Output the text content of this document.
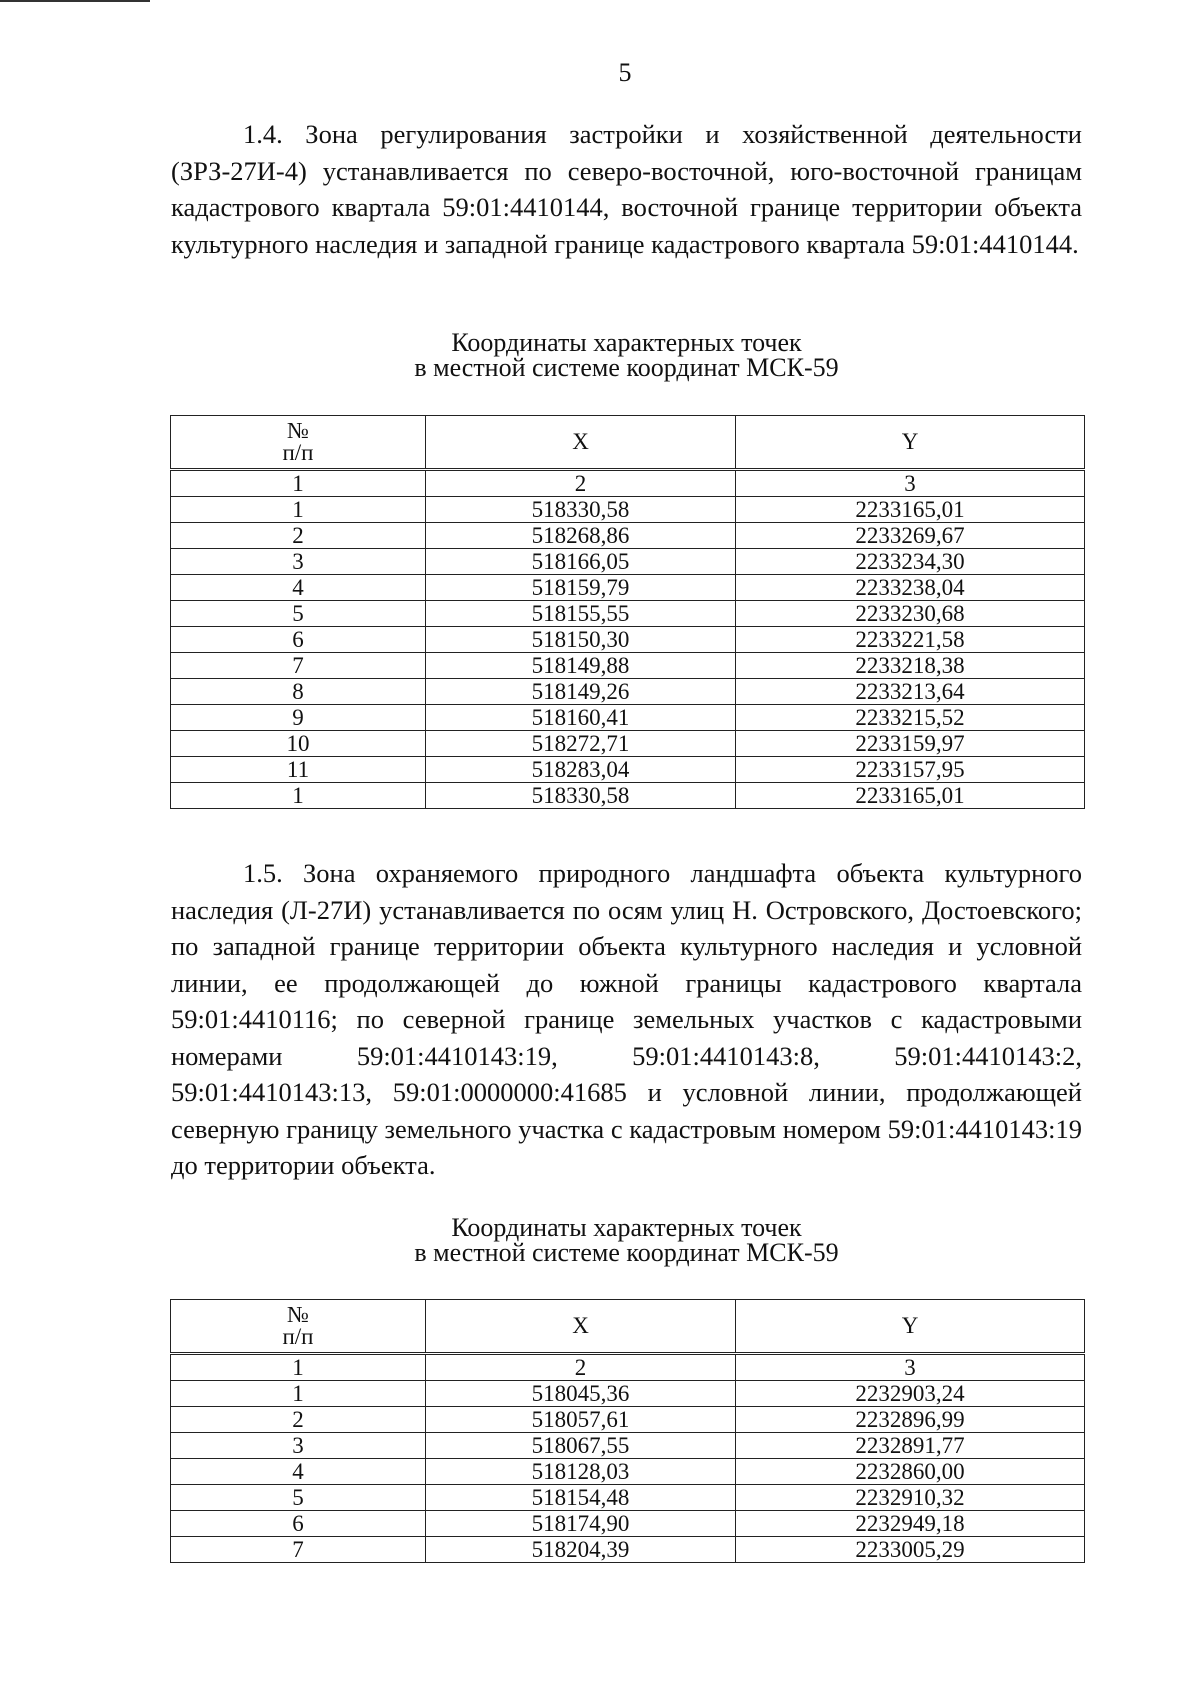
5

1.4. Зона регулирования застройки и хозяйственной деятельности (ЗРЗ-27И-4) устанавливается по северо-восточной, юго-восточной границам кадастрового квартала 59:01:4410144, восточной границе территории объекта культурного наследия и западной границе кадастрового квартала 59:01:4410144.

Координаты характерных точек
в местной системе координат МСК-59
№
п/п	X	Y
1	2	3
1	518330,58	2233165,01
2	518268,86	2233269,67
3	518166,05	2233234,30
4	518159,79	2233238,04
5	518155,55	2233230,68
6	518150,30	2233221,58
7	518149,88	2233218,38
8	518149,26	2233213,64
9	518160,41	2233215,52
10	518272,71	2233159,97
11	518283,04	2233157,95
1	518330,58	2233165,01

1.5. Зона охраняемого природного ландшафта объекта культурного наследия (Л-27И) устанавливается по осям улиц Н. Островского, Достоевского; по западной границе территории объекта культурного наследия и условной линии, ее продолжающей до южной границы кадастрового квартала 59:01:4410116; по северной границе земельных участков с кадастровыми номерами 59:01:4410143:19, 59:01:4410143:8, 59:01:4410143:2, 59:01:4410143:13, 59:01:0000000:41685 и условной линии, продолжающей северную границу земельного участка с кадастровым номером 59:01:4410143:19 до территории объекта.

Координаты характерных точек
в местной системе координат МСК-59
№
п/п	X	Y
1	2	3
1	518045,36	2232903,24
2	518057,61	2232896,99
3	518067,55	2232891,77
4	518128,03	2232860,00
5	518154,48	2232910,32
6	518174,90	2232949,18
7	518204,39	2233005,29
